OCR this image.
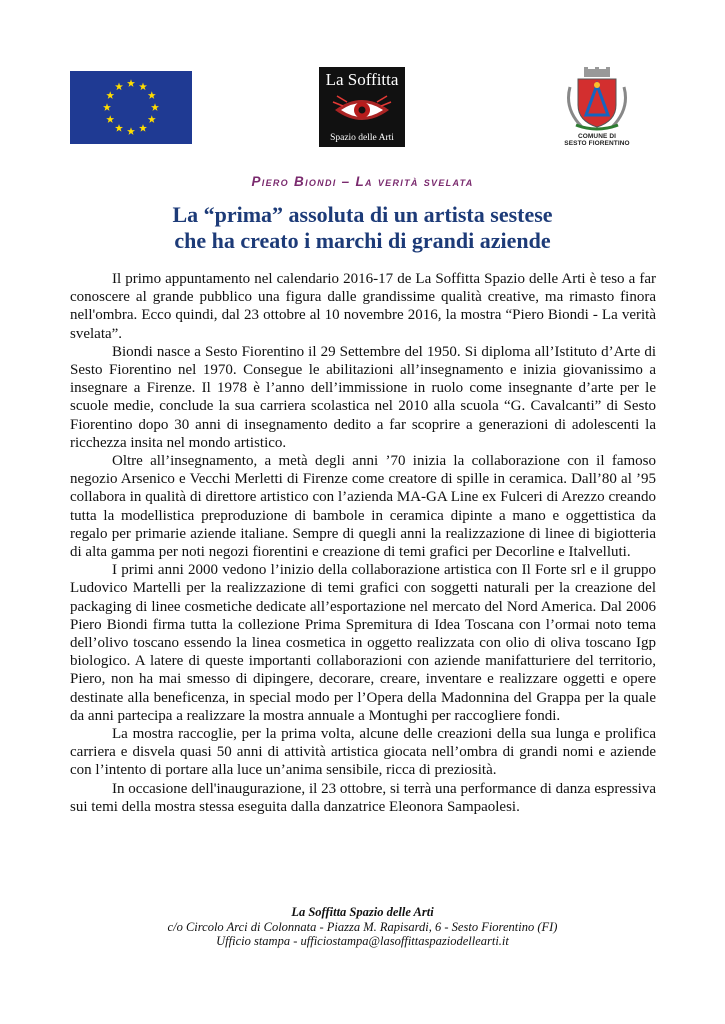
La Soffitta
Spazio delle Arti	COMUNE DI
SESTO FIORENTINO
Piero Biondi – La verità svelata
La “prima” assoluta di un artista sestese
che ha creato i marchi di grandi aziende

Il primo appuntamento nel calendario 2016-17 de La Soffitta Spazio delle Arti è teso a far conoscere al grande pubblico una figura dalle grandissime qualità creative, ma rimasto finora nell'ombra. Ecco quindi, dal 23 ottobre al 10 novembre 2016, la mostra “Piero Biondi - La verità svelata”.

Biondi nasce a Sesto Fiorentino il 29 Settembre del 1950. Si diploma all’Istituto d’Arte di Sesto Fiorentino nel 1970. Consegue le abilitazioni all’insegnamento e inizia giovanissimo a insegnare a Firenze. Il 1978 è l’anno dell’immissione in ruolo come insegnante d’arte per le scuole medie, conclude la sua carriera scolastica nel 2010 alla scuola “G. Cavalcanti” di Sesto Fiorentino dopo 30 anni di insegnamento dedito a far scoprire a generazioni di adolescenti la ricchezza insita nel mondo artistico.

Oltre all’insegnamento, a metà degli anni ’70 inizia la collaborazione con il famoso negozio Arsenico e Vecchi Merletti di Firenze come creatore di spille in ceramica. Dall’80 al ’95 collabora in qualità di direttore artistico con l’azienda MA-GA Line ex Fulceri di Arezzo creando tutta la modellistica preproduzione di bambole in ceramica dipinte a mano e oggettistica da regalo per primarie aziende italiane. Sempre di quegli anni la realizzazione di linee di bigiotteria di alta gamma per noti negozi fiorentini e creazione di temi grafici per Decorline e Italvelluti.

I primi anni 2000 vedono l’inizio della collaborazione artistica con Il Forte srl e il gruppo Ludovico Martelli per la realizzazione di temi grafici con soggetti naturali per la creazione del packaging di linee cosmetiche dedicate all’esportazione nel mercato del Nord America. Dal 2006 Piero Biondi firma tutta la collezione Prima Spremitura di Idea Toscana con l’ormai noto tema dell’olivo toscano essendo la linea cosmetica in oggetto realizzata con olio di oliva toscano Igp biologico. A latere di queste importanti collaborazioni con aziende manifatturiere del territorio, Piero, non ha mai smesso di dipingere, decorare, creare, inventare e realizzare oggetti e opere destinate alla beneficenza, in special modo per l’Opera della Madonnina del Grappa per la quale da anni partecipa a realizzare la mostra annuale a Montughi per raccogliere fondi.

La mostra raccoglie, per la prima volta, alcune delle creazioni della sua lunga e prolifica carriera e disvela quasi 50 anni di attività artistica giocata nell’ombra di grandi nomi e aziende con l’intento di portare alla luce un’anima sensibile, ricca di preziosità.

In occasione dell'inaugurazione, il 23 ottobre, si terrà una performance di danza espressiva sui temi della mostra stessa eseguita dalla danzatrice Eleonora Sampaolesi.

La Soffitta Spazio delle Arti
c/o Circolo Arci di Colonnata - Piazza M. Rapisardi, 6 - Sesto Fiorentino (FI)
Ufficio stampa - ufficiostampa@lasoffittaspaziodellearti.it
